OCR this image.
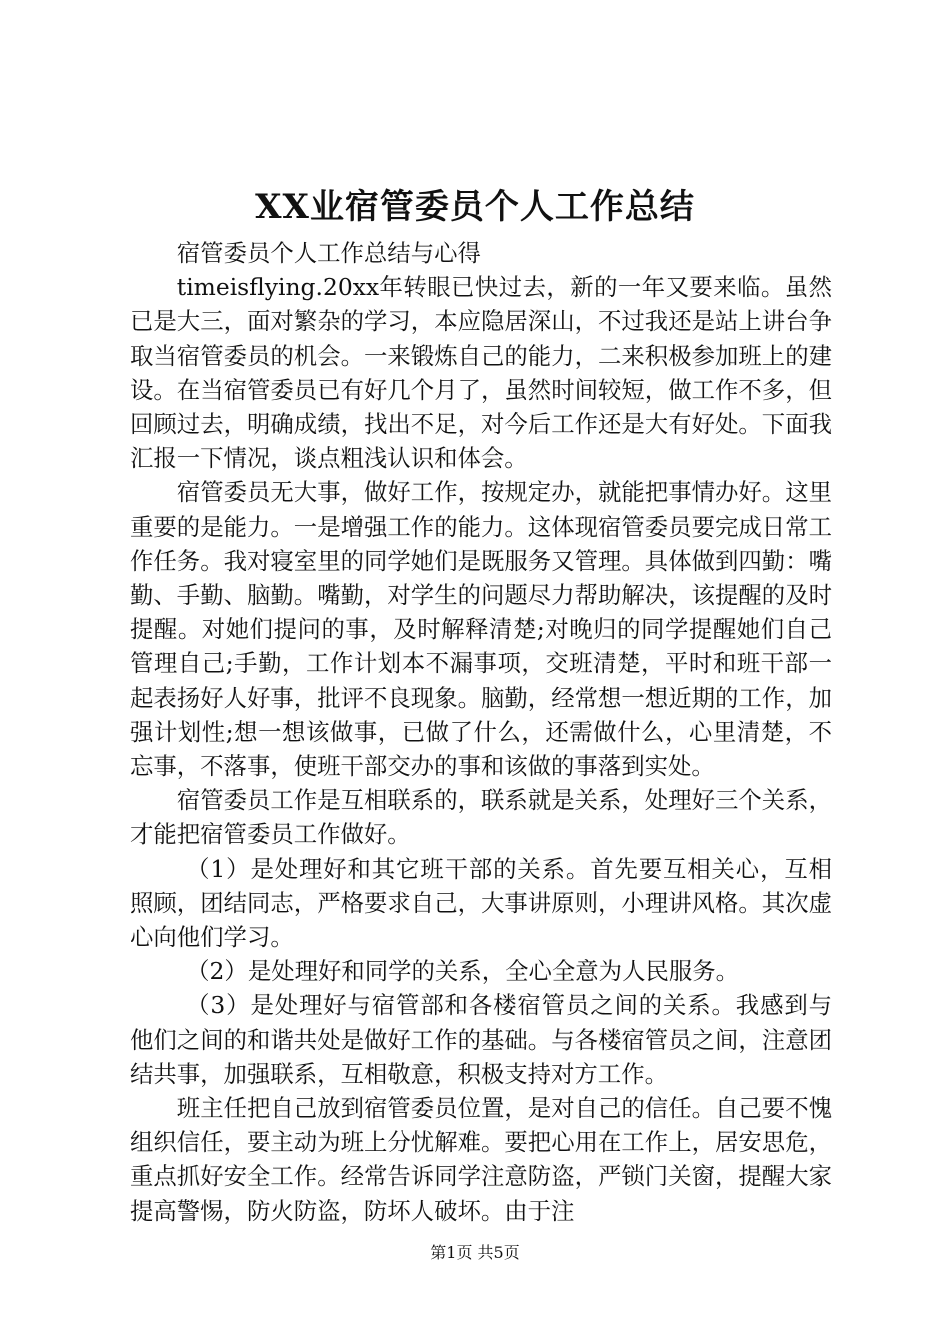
XX业宿管委员个人工作总结

宿管委员个人工作总结与心得

timeisflying.20xx年转眼已快过去，新的一年又要来临。虽然已是大三，面对繁杂的学习，本应隐居深山，不过我还是站上讲台争取当宿管委员的机会。一来锻炼自己的能力，二来积极参加班上的建设。在当宿管委员已有好几个月了，虽然时间较短，做工作不多，但回顾过去，明确成绩，找出不足，对今后工作还是大有好处。下面我汇报一下情况，谈点粗浅认识和体会。

宿管委员无大事，做好工作，按规定办，就能把事情办好。这里重要的是能力。一是增强工作的能力。这体现宿管委员要完成日常工作任务。我对寝室里的同学她们是既服务又管理。具体做到四勤：嘴勤、手勤、脑勤。嘴勤，对学生的问题尽力帮助解决，该提醒的及时提醒。对她们提问的事，及时解释清楚;对晚归的同学提醒她们自己管理自己;手勤，工作计划本不漏事项，交班清楚，平时和班干部一起表扬好人好事，批评不良现象。脑勤，经常想一想近期的工作，加强计划性;想一想该做事，已做了什么，还需做什么，心里清楚，不忘事，不落事，使班干部交办的事和该做的事落到实处。

宿管委员工作是互相联系的，联系就是关系，处理好三个关系，才能把宿管委员工作做好。

（1）是处理好和其它班干部的关系。首先要互相关心，互相照顾，团结同志，严格要求自己，大事讲原则，小理讲风格。其次虚心向他们学习。

（2）是处理好和同学的关系，全心全意为人民服务。

（3）是处理好与宿管部和各楼宿管员之间的关系。我感到与他们之间的和谐共处是做好工作的基础。与各楼宿管员之间，注意团结共事，加强联系，互相敬意，积极支持对方工作。

班主任把自己放到宿管委员位置，是对自己的信任。自己要不愧组织信任，要主动为班上分忧解难。要把心用在工作上，居安思危，重点抓好安全工作。经常告诉同学注意防盗，严锁门关窗，提醒大家提高警惕，防火防盗，防坏人破坏。由于注

第1页 共5页
